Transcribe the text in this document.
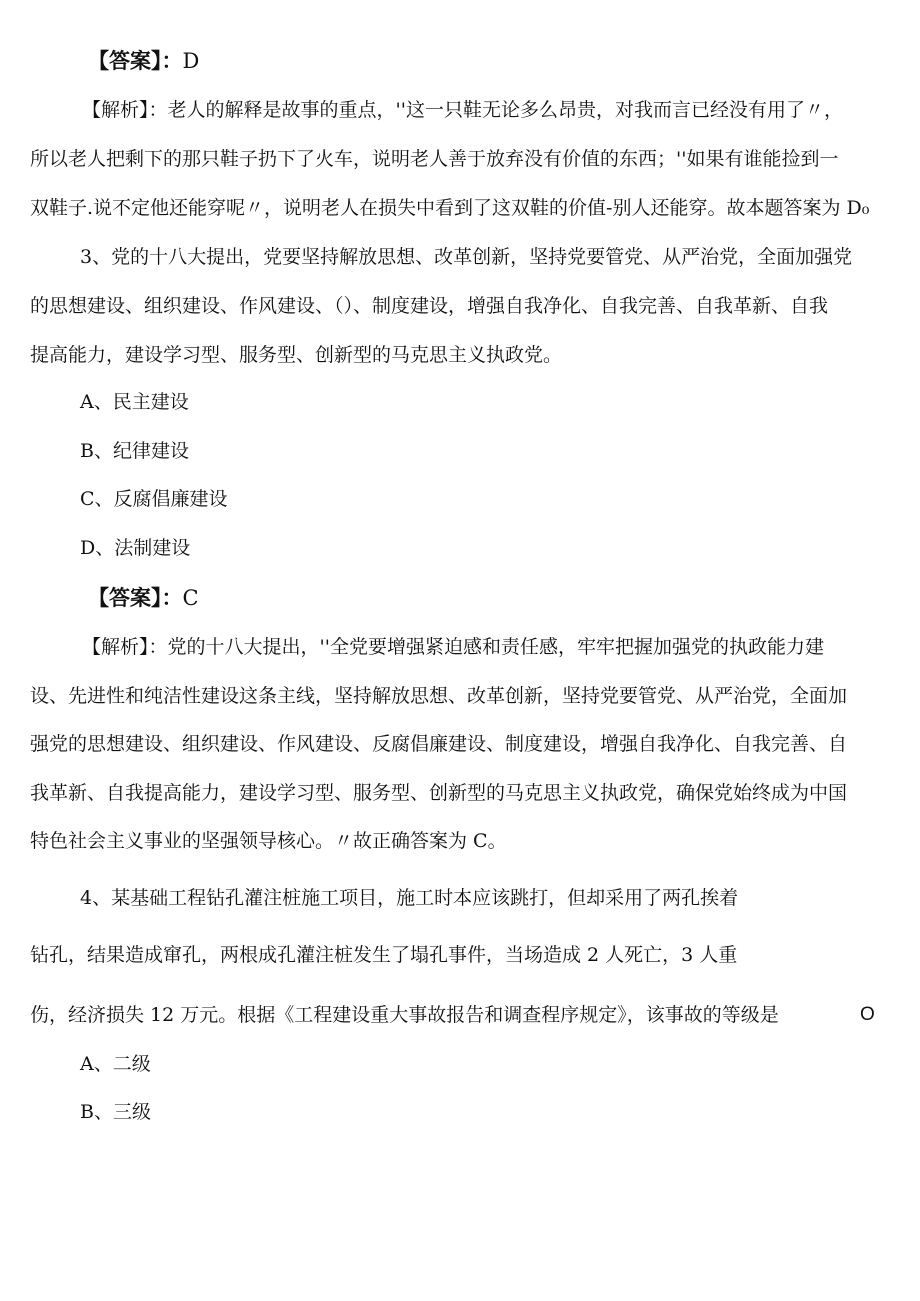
【答案】：D
【解析】：老人的解释是故事的重点，''这一只鞋无论多么昂贵，对我而言已经没有用了〃，
所以老人把剩下的那只鞋子扔下了火车，说明老人善于放弃没有价值的东西；''如果有谁能捡到一
双鞋子.说不定他还能穿呢〃，说明老人在损失中看到了这双鞋的价值-别人还能穿。故本题答案为 D₀
3、党的十八大提出，党要坚持解放思想、改革创新，坚持党要管党、从严治党，全面加强党
的思想建设、组织建设、作风建设、（）、制度建设，增强自我净化、自我完善、自我革新、自我
提高能力，建设学习型、服务型、创新型的马克思主义执政党。
A、民主建设
B、纪律建设
C、反腐倡廉建设
D、法制建设
【答案】：C
【解析】：党的十八大提出，''全党要增强紧迫感和责任感，牢牢把握加强党的执政能力建
设、先进性和纯洁性建设这条主线，坚持解放思想、改革创新，坚持党要管党、从严治党，全面加
强党的思想建设、组织建设、作风建设、反腐倡廉建设、制度建设，增强自我净化、自我完善、自
我革新、自我提高能力，建设学习型、服务型、创新型的马克思主义执政党，确保党始终成为中国
特色社会主义事业的坚强领导核心。〃故正确答案为 C。
4、某基础工程钻孔灌注桩施工项目，施工时本应该跳打，但却采用了两孔挨着
钻孔，结果造成窜孔，两根成孔灌注桩发生了塌孔事件，当场造成 2 人死亡，3 人重
伤，经济损失 12 万元。根据《工程建设重大事故报告和调查程序规定》，该事故的等级是	O
A、二级
B、三级
